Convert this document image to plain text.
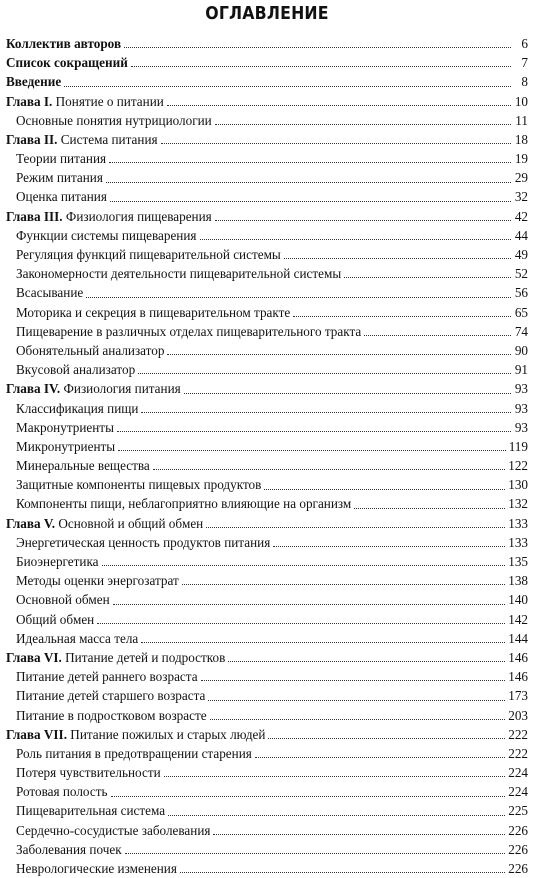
ОГЛАВЛЕНИЕ
Коллектив авторов	6
Список сокращений	7
Введение	8
Глава I. Понятие о питании	10
Основные понятия нутрициологии	11
Глава II. Система питания	18
Теории питания	19
Режим питания	29
Оценка питания	32
Глава III. Физиология пищеварения	42
Функции системы пищеварения	44
Регуляция функций пищеварительной системы	49
Закономерности деятельности пищеварительной системы	52
Всасывание	56
Моторика и секреция в пищеварительном тракте	65
Пищеварение в различных отделах пищеварительного тракта	74
Обонятельный анализатор	90
Вкусовой анализатор	91
Глава IV. Физиология питания	93
Классификация пищи	93
Макронутриенты	93
Микронутриенты	119
Минеральные вещества	122
Защитные компоненты пищевых продуктов	130
Компоненты пищи, неблагоприятно влияющие на организм	132
Глава V. Основной и общий обмен	133
Энергетическая ценность продуктов питания	133
Биоэнергетика	135
Методы оценки энергозатрат	138
Основной обмен	140
Общий обмен	142
Идеальная масса тела	144
Глава VI. Питание детей и подростков	146
Питание детей раннего возраста	146
Питание детей старшего возраста	173
Питание в подростковом возрасте	203
Глава VII. Питание пожилых и старых людей	222
Роль питания в предотвращении старения	222
Потеря чувствительности	224
Ротовая полость	224
Пищеварительная система	225
Сердечно-сосудистые заболевания	226
Заболевания почек	226
Неврологические изменения	226
